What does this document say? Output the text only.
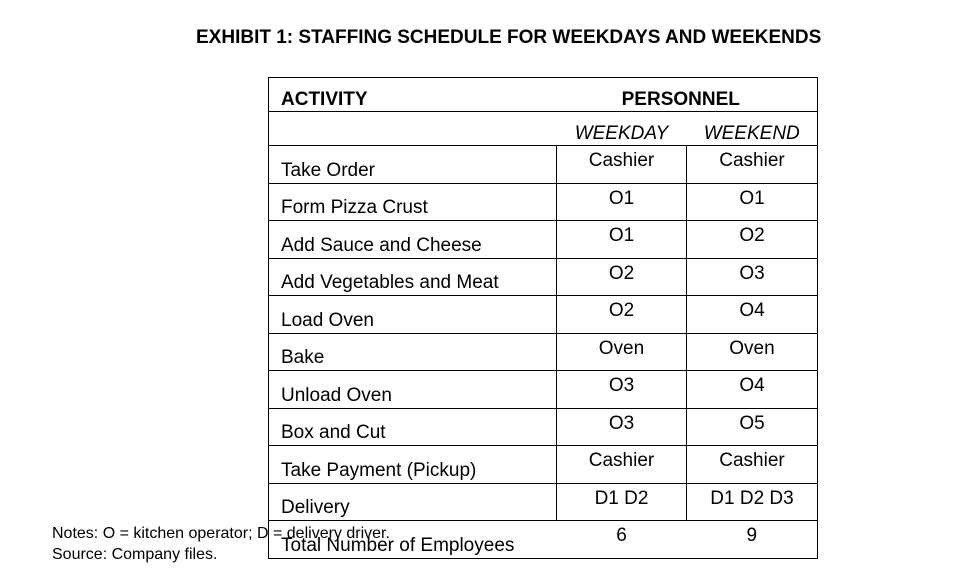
EXHIBIT 1: STAFFING SCHEDULE FOR WEEKDAYS AND WEEKENDS
ACTIVITY	PERSONNEL	
	WEEKDAY	WEEKEND
Take Order	Cashier	Cashier
Form Pizza Crust	O1	O1
Add Sauce and Cheese	O1	O2
Add Vegetables and Meat	O2	O3
Load Oven	O2	O4
Bake	Oven	Oven
Unload Oven	O3	O4
Box and Cut	O3	O5
Take Payment (Pickup)	Cashier	Cashier
Delivery	D1 D2	D1 D2 D3
Total Number of Employees	6	9
Notes: O = kitchen operator; D = delivery driver.
Source: Company files.
